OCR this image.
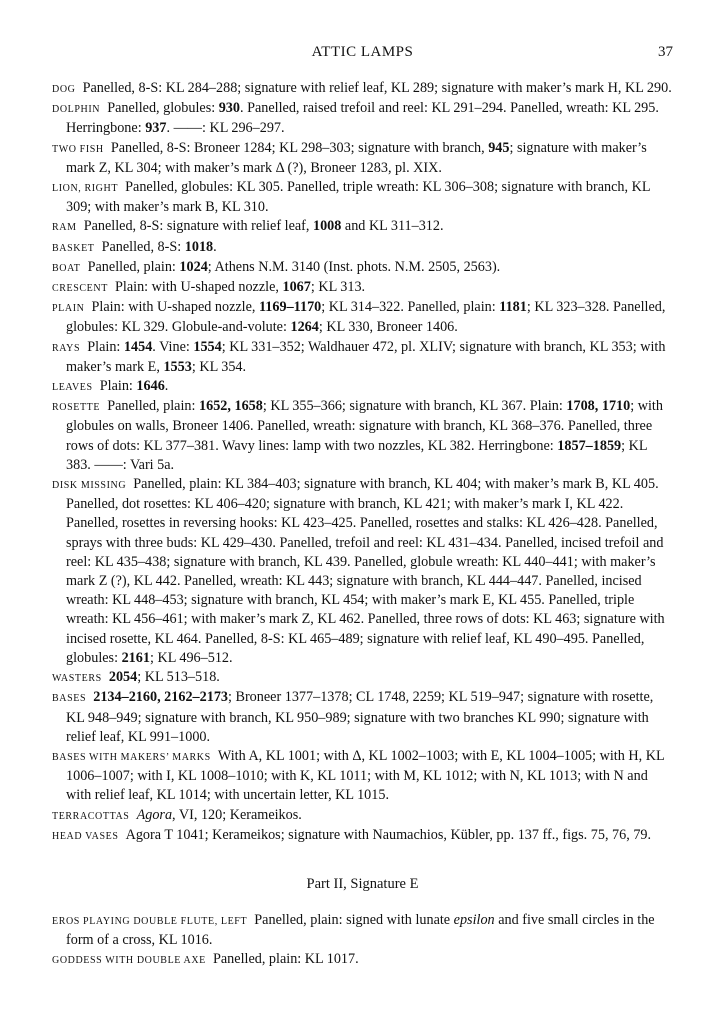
ATTIC LAMPS	37

DOG  Panelled, 8-S: KL 284–288; signature with relief leaf, KL 289; signature with maker’s mark H, KL 290.

DOLPHIN  Panelled, globules: 930. Panelled, raised trefoil and reel: KL 291–294. Panelled, wreath: KL 295. Herringbone: 937. ——: KL 296–297.

TWO FISH  Panelled, 8-S: Broneer 1284; KL 298–303; signature with branch, 945; signature with maker’s mark Z, KL 304; with maker’s mark Δ (?), Broneer 1283, pl. XIX.

LION, RIGHT  Panelled, globules: KL 305. Panelled, triple wreath: KL 306–308; signature with branch, KL 309; with maker’s mark B, KL 310.

RAM  Panelled, 8-S: signature with relief leaf, 1008 and KL 311–312.

BASKET  Panelled, 8-S: 1018.

BOAT  Panelled, plain: 1024; Athens N.M. 3140 (Inst. phots. N.M. 2505, 2563).

CRESCENT  Plain: with U-shaped nozzle, 1067; KL 313.

PLAIN  Plain: with U-shaped nozzle, 1169–1170; KL 314–322. Panelled, plain: 1181; KL 323–328. Panelled, globules: KL 329. Globule-and-volute: 1264; KL 330, Broneer 1406.

RAYS  Plain: 1454. Vine: 1554; KL 331–352; Waldhauer 472, pl. XLIV; signature with branch, KL 353; with maker’s mark E, 1553; KL 354.

LEAVES  Plain: 1646.

ROSETTE  Panelled, plain: 1652, 1658; KL 355–366; signature with branch, KL 367. Plain: 1708, 1710; with globules on walls, Broneer 1406. Panelled, wreath: signature with branch, KL 368–376. Panelled, three rows of dots: KL 377–381. Wavy lines: lamp with two nozzles, KL 382. Herringbone: 1857–1859; KL 383. ——: Vari 5a.

DISK MISSING  Panelled, plain: KL 384–403; signature with branch, KL 404; with maker’s mark B, KL 405. Panelled, dot rosettes: KL 406–420; signature with branch, KL 421; with maker’s mark I, KL 422. Panelled, rosettes in reversing hooks: KL 423–425. Panelled, rosettes and stalks: KL 426–428. Panelled, sprays with three buds: KL 429–430. Panelled, trefoil and reel: KL 431–434. Panelled, incised trefoil and reel: KL 435–438; signature with branch, KL 439. Panelled, globule wreath: KL 440–441; with maker’s mark Z (?), KL 442. Panelled, wreath: KL 443; signature with branch, KL 444–447. Panelled, incised wreath: KL 448–453; signature with branch, KL 454; with maker’s mark E, KL 455. Panelled, triple wreath: KL 456–461; with maker’s mark Z, KL 462. Panelled, three rows of dots: KL 463; signature with incised rosette, KL 464. Panelled, 8-S: KL 465–489; signature with relief leaf, KL 490–495. Panelled, globules: 2161; KL 496–512.

WASTERS  2054; KL 513–518.

BASES  2134–2160, 2162–2173; Broneer 1377–1378; CL 1748, 2259; KL 519–947; signature with rosette, KL 948–949; signature with branch, KL 950–989; signature with two branches KL 990; signature with relief leaf, KL 991–1000.

BASES WITH MAKERS’ MARKS  With A, KL 1001; with Δ, KL 1002–1003; with E, KL 1004–1005; with H, KL 1006–1007; with I, KL 1008–1010; with K, KL 1011; with M, KL 1012; with N, KL 1013; with N and with relief leaf, KL 1014; with uncertain letter, KL 1015.

TERRACOTTAS  Agora, VI, 120; Kerameikos.

HEAD VASES  Agora T 1041; Kerameikos; signature with Naumachios, Kübler, pp. 137 ff., figs. 75, 76, 79.

Part II, Signature E

EROS PLAYING DOUBLE FLUTE, LEFT  Panelled, plain: signed with lunate epsilon and five small circles in the form of a cross, KL 1016.

GODDESS WITH DOUBLE AXE  Panelled, plain: KL 1017.
